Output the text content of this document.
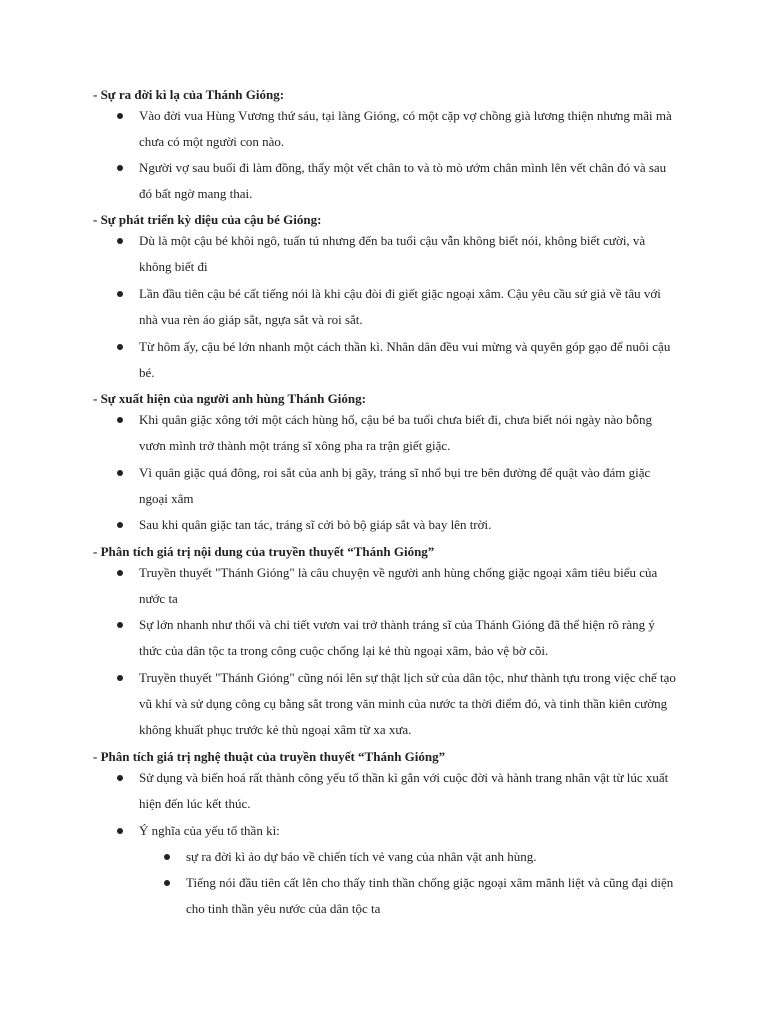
- Sự ra đời kì lạ của Thánh Gióng:
Vào đời vua Hùng Vương thứ sáu, tại làng Gióng, có một cặp vợ chồng già lương thiện nhưng mãi mà chưa có một người con nào.
Người vợ sau buổi đi làm đồng, thấy một vết chân to và tò mò ướm chân mình lên vết chân đó và sau đó bất ngờ mang thai.
- Sự phát triển kỳ diệu của cậu bé Gióng:
Dù là một cậu bé khôi ngô, tuấn tú nhưng đến ba tuổi cậu vẫn không biết nói, không biết cười, và không biết đi
Lần đầu tiên cậu bé cất tiếng nói là khi cậu đòi đi giết giặc ngoại xâm. Cậu yêu cầu sứ giả về tâu với nhà vua rèn áo giáp sắt, ngựa sắt và roi sắt.
Từ hôm ấy, cậu bé lớn nhanh một cách thần kì. Nhân dân đều vui mừng và quyên góp gạo để nuôi cậu bé.
- Sự xuất hiện của người anh hùng Thánh Gióng:
Khi quân giặc xông tới một cách hùng hổ, cậu bé ba tuổi chưa biết đi, chưa biết nói ngày nào bỗng vươn mình trở thành một tráng sĩ xông pha ra trận giết giặc.
Vì quân giặc quá đông, roi sắt của anh bị gãy, tráng sĩ nhổ bụi tre bên đường để quật vào đám giặc ngoại xâm
Sau khi quân giặc tan tác, tráng sĩ cởi bỏ bộ giáp sắt và bay lên trời.
- Phân tích giá trị nội dung của truyền thuyết “Thánh Gióng”
Truyền thuyết "Thánh Gióng" là câu chuyện về người anh hùng chống giặc ngoại xâm tiêu biểu của nước ta
Sự lớn nhanh như thổi và chi tiết vươn vai trở thành tráng sĩ của Thánh Gióng đã thể hiện rõ ràng ý thức của dân tộc ta trong công cuộc chống lại kẻ thù ngoại xâm, bảo vệ bờ cõi.
Truyền thuyết "Thánh Gióng" cũng nói lên sự thật lịch sử của dân tộc, như thành tựu trong việc chế tạo vũ khí và sử dụng công cụ bằng sắt trong văn minh của nước ta thời điểm đó, và tinh thần kiên cường không khuất phục trước kẻ thù ngoại xâm từ xa xưa.
- Phân tích giá trị nghệ thuật của truyền thuyết “Thánh Gióng”
Sử dụng và biến hoá rất thành công yếu tố thần kì gắn với cuộc đời và hành trang nhân vật từ lúc xuất hiện đến lúc kết thúc.
Ý nghĩa của yếu tố thần kì:
sự ra đời kì ảo dự báo về chiến tích vẻ vang của nhân vật anh hùng.
Tiếng nói đầu tiên cất lên cho thấy tinh thần chống giặc ngoại xâm mãnh liệt và cũng đại diện cho tinh thần yêu nước của dân tộc ta
